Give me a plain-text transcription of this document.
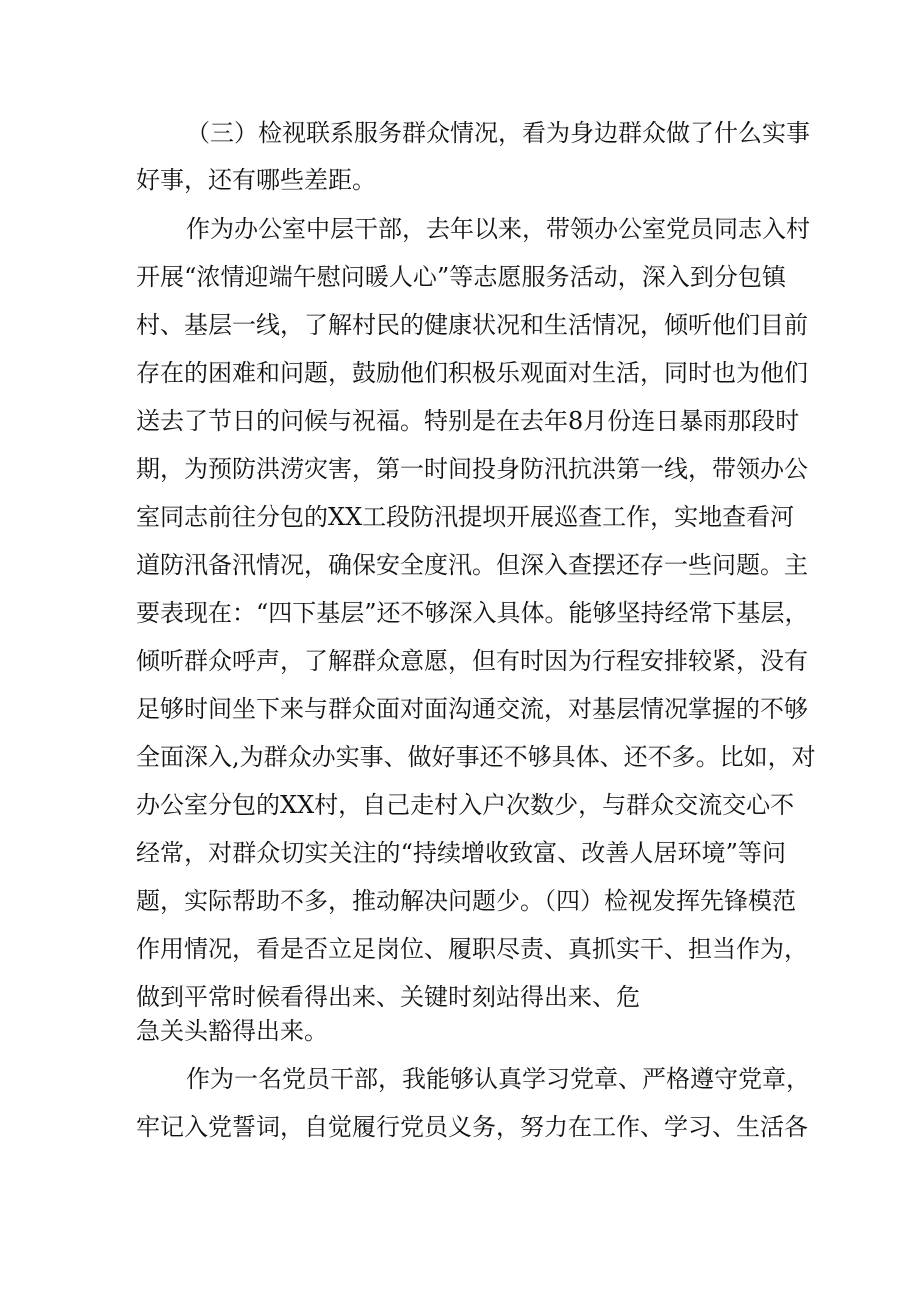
（三）检视联系服务群众情况，看为身边群众做了什么实事
好事，还有哪些差距。
作为办公室中层干部，去年以来，带领办公室党员同志入村
开展“浓情迎端午慰问暖人心”等志愿服务活动，深入到分包镇
村、基层一线，了解村民的健康状况和生活情况，倾听他们目前
存在的困难和问题，鼓励他们积极乐观面对生活，同时也为他们
送去了节日的问候与祝福。特别是在去年8月份连日暴雨那段时
期，为预防洪涝灾害，第一时间投身防汛抗洪第一线，带领办公
室同志前往分包的XX工段防汛提坝开展巡查工作，实地查看河
道防汛备汛情况，确保安全度汛。但深入查摆还存一些问题。主
要表现在：“四下基层”还不够深入具体。能够坚持经常下基层，
倾听群众呼声，了解群众意愿，但有时因为行程安排较紧，没有
足够时间坐下来与群众面对面沟通交流，对基层情况掌握的不够
全面深入,为群众办实事、做好事还不够具体、还不多。比如，对
办公室分包的XX村，自己走村入户次数少，与群众交流交心不
经常，对群众切实关注的“持续增收致富、改善人居环境”等问
题，实际帮助不多，推动解决问题少。（四）检视发挥先锋模范
作用情况，看是否立足岗位、履职尽责、真抓实干、担当作为，
做到平常时候看得出来、关键时刻站得出来、危
急关头豁得出来。
作为一名党员干部，我能够认真学习党章、严格遵守党章，
牢记入党誓词，自觉履行党员义务，努力在工作、学习、生活各
